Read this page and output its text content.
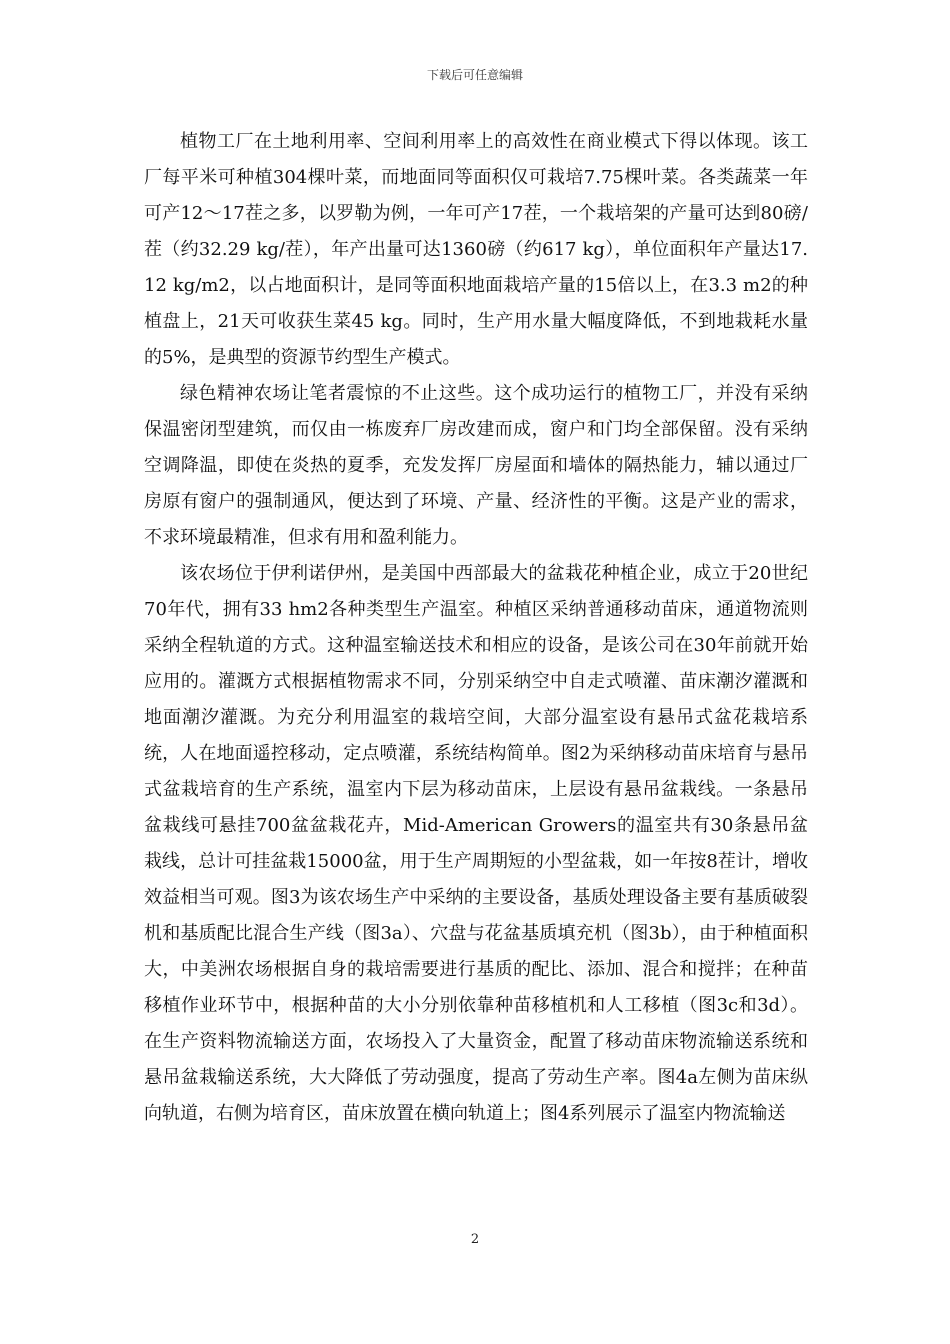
下载后可任意编辑

植物工厂在土地利用率、空间利用率上的高效性在商业模式下得以体现。该工厂每平米可种植304棵叶菜，而地面同等面积仅可栽培7.75棵叶菜。各类蔬菜一年可产12～17茬之多，以罗勒为例，一年可产17茬，一个栽培架的产量可达到80磅/茬（约32.29 kg/茬），年产出量可达1360磅（约617 kg），单位面积年产量达17.12 kg/m2，以占地面积计，是同等面积地面栽培产量的15倍以上，在3.3 m2的种植盘上，21天可收获生菜45 kg。同时，生产用水量大幅度降低，不到地栽耗水量的5%，是典型的资源节约型生产模式。

绿色精神农场让笔者震惊的不止这些。这个成功运行的植物工厂，并没有采纳保温密闭型建筑，而仅由一栋废弃厂房改建而成，窗户和门均全部保留。没有采纳空调降温，即使在炎热的夏季，充发发挥厂房屋面和墙体的隔热能力，辅以通过厂房原有窗户的强制通风，便达到了环境、产量、经济性的平衡。这是产业的需求，不求环境最精准，但求有用和盈利能力。

该农场位于伊利诺伊州，是美国中西部最大的盆栽花种植企业，成立于20世纪70年代，拥有33 hm2各种类型生产温室。种植区采纳普通移动苗床，通道物流则采纳全程轨道的方式。这种温室输送技术和相应的设备，是该公司在30年前就开始应用的。灌溉方式根据植物需求不同，分别采纳空中自走式喷灌、苗床潮汐灌溉和地面潮汐灌溉。为充分利用温室的栽培空间，大部分温室设有悬吊式盆花栽培系统，人在地面遥控移动，定点喷灌，系统结构简单。图2为采纳移动苗床培育与悬吊式盆栽培育的生产系统，温室内下层为移动苗床，上层设有悬吊盆栽线。一条悬吊盆栽线可悬挂700盆盆栽花卉，Mid-American Growers的温室共有30条悬吊盆栽线，总计可挂盆栽15000盆，用于生产周期短的小型盆栽，如一年按8茬计，增收效益相当可观。图3为该农场生产中采纳的主要设备，基质处理设备主要有基质破裂机和基质配比混合生产线（图3a）、穴盘与花盆基质填充机（图3b），由于种植面积大，中美洲农场根据自身的栽培需要进行基质的配比、添加、混合和搅拌；在种苗移植作业环节中，根据种苗的大小分别依靠种苗移植机和人工移植（图3c和3d）。在生产资料物流输送方面，农场投入了大量资金，配置了移动苗床物流输送系统和悬吊盆栽输送系统，大大降低了劳动强度，提高了劳动生产率。图4a左侧为苗床纵向轨道，右侧为培育区，苗床放置在横向轨道上；图4系列展示了温室内物流输送

2
